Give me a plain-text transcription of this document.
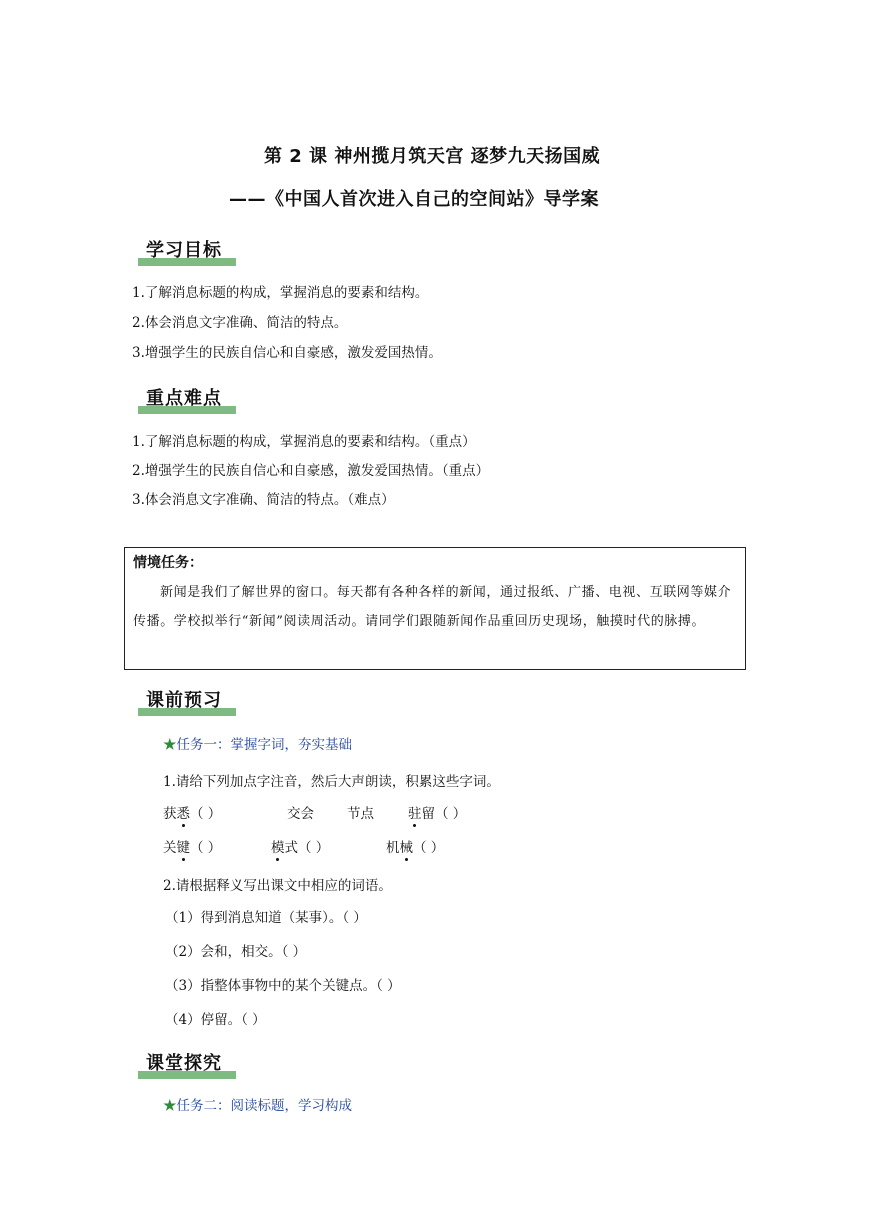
第 2 课 神州揽月筑天宫 逐梦九天扬国威
——《中国人首次进入自己的空间站》导学案
学习目标
1.了解消息标题的构成，掌握消息的要素和结构。
2.体会消息文字准确、简洁的特点。
3.增强学生的民族自信心和自豪感，激发爱国热情。
重点难点
1.了解消息标题的构成，掌握消息的要素和结构。（重点）
2.增强学生的民族自信心和自豪感，激发爱国热情。（重点）
3.体会消息文字准确、简洁的特点。（难点）
情境任务：
新闻是我们了解世界的窗口。每天都有各种各样的新闻，通过报纸、广播、电视、互联网等媒介传播。学校拟举行“新闻”阅读周活动。请同学们跟随新闻作品重回历史现场，触摸时代的脉搏。
课前预习
★任务一：掌握字词，夯实基础
1.请给下列加点字注音，然后大声朗读，积累这些字词。
获悉（ ）	交会 节点	驻留（ ）
关键（ ）	模式（ ）	机械（ ）
2.请根据释义写出课文中相应的词语。
（1）得到消息知道（某事）。（ ）
（2）会和，相交。（ ）
（3）指整体事物中的某个关键点。（ ）
（4）停留。（ ）
课堂探究
★任务二：阅读标题，学习构成
